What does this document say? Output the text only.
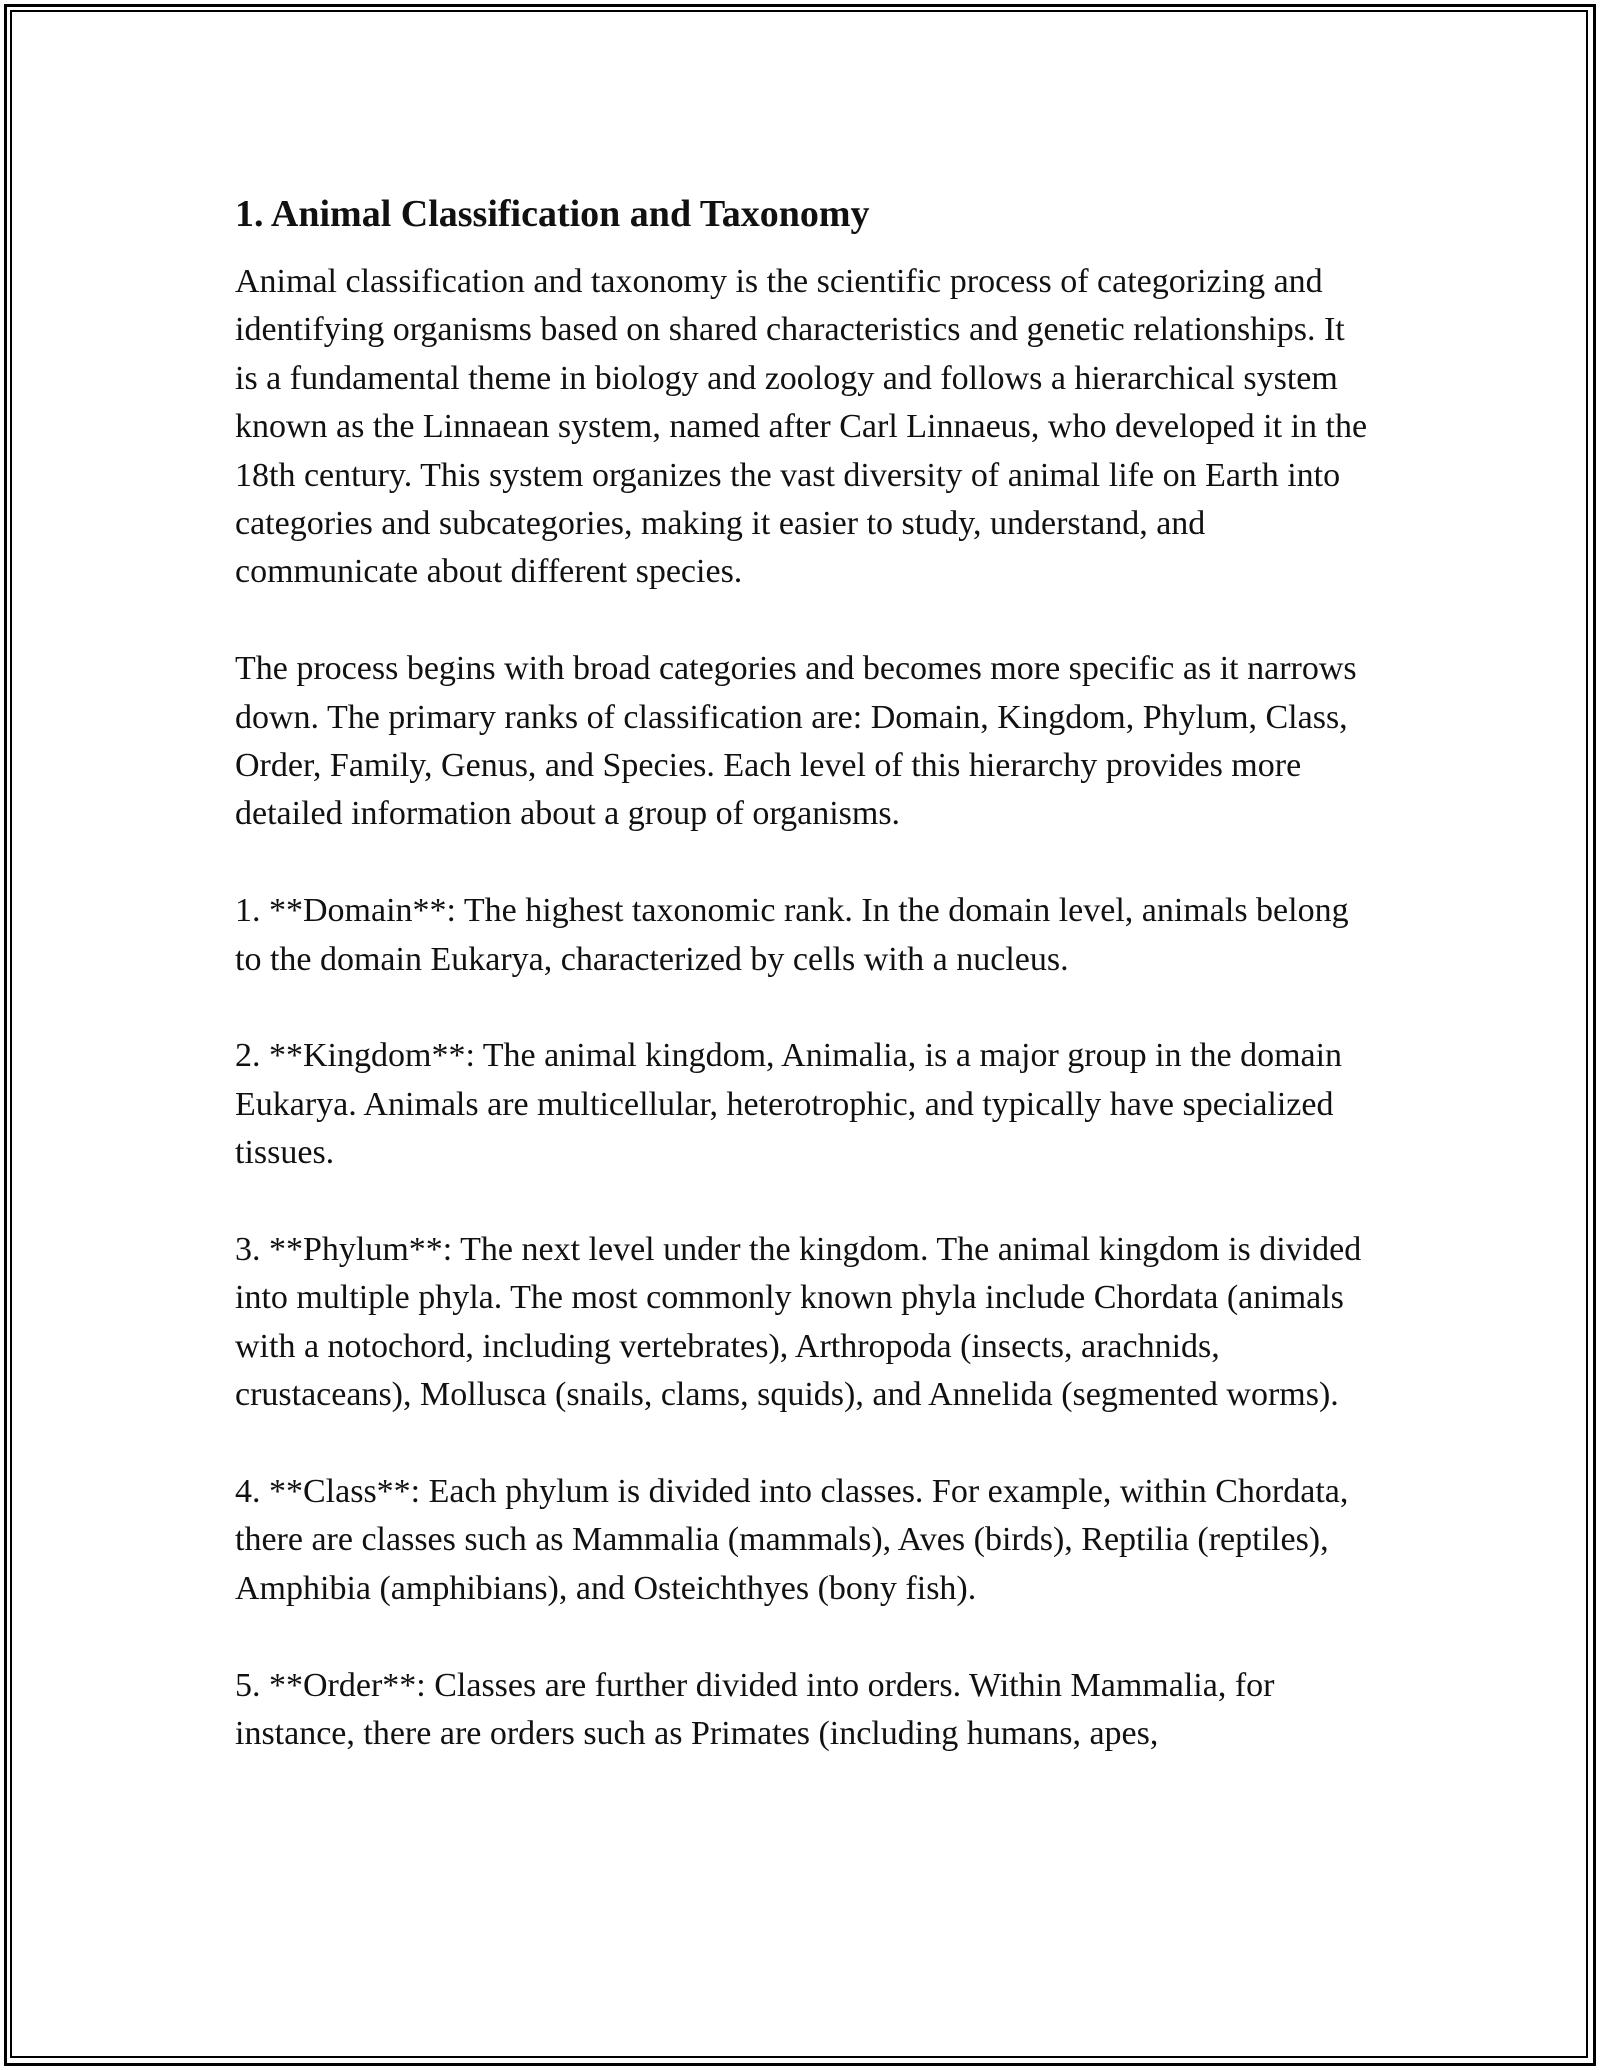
1. Animal Classification and Taxonomy

Animal classification and taxonomy is the scientific process of categorizing and identifying organisms based on shared characteristics and genetic relationships. It is a fundamental theme in biology and zoology and follows a hierarchical system known as the Linnaean system, named after Carl Linnaeus, who developed it in the 18th century. This system organizes the vast diversity of animal life on Earth into categories and subcategories, making it easier to study, understand, and communicate about different species.

The process begins with broad categories and becomes more specific as it narrows down. The primary ranks of classification are: Domain, Kingdom, Phylum, Class, Order, Family, Genus, and Species. Each level of this hierarchy provides more detailed information about a group of organisms.

1. **Domain**: The highest taxonomic rank. In the domain level, animals belong to the domain Eukarya, characterized by cells with a nucleus.

2. **Kingdom**: The animal kingdom, Animalia, is a major group in the domain Eukarya. Animals are multicellular, heterotrophic, and typically have specialized tissues.

3. **Phylum**: The next level under the kingdom. The animal kingdom is divided into multiple phyla. The most commonly known phyla include Chordata (animals with a notochord, including vertebrates), Arthropoda (insects, arachnids, crustaceans), Mollusca (snails, clams, squids), and Annelida (segmented worms).

4. **Class**: Each phylum is divided into classes. For example, within Chordata, there are classes such as Mammalia (mammals), Aves (birds), Reptilia (reptiles), Amphibia (amphibians), and Osteichthyes (bony fish).

5. **Order**: Classes are further divided into orders. Within Mammalia, for instance, there are orders such as Primates (including humans, apes,
